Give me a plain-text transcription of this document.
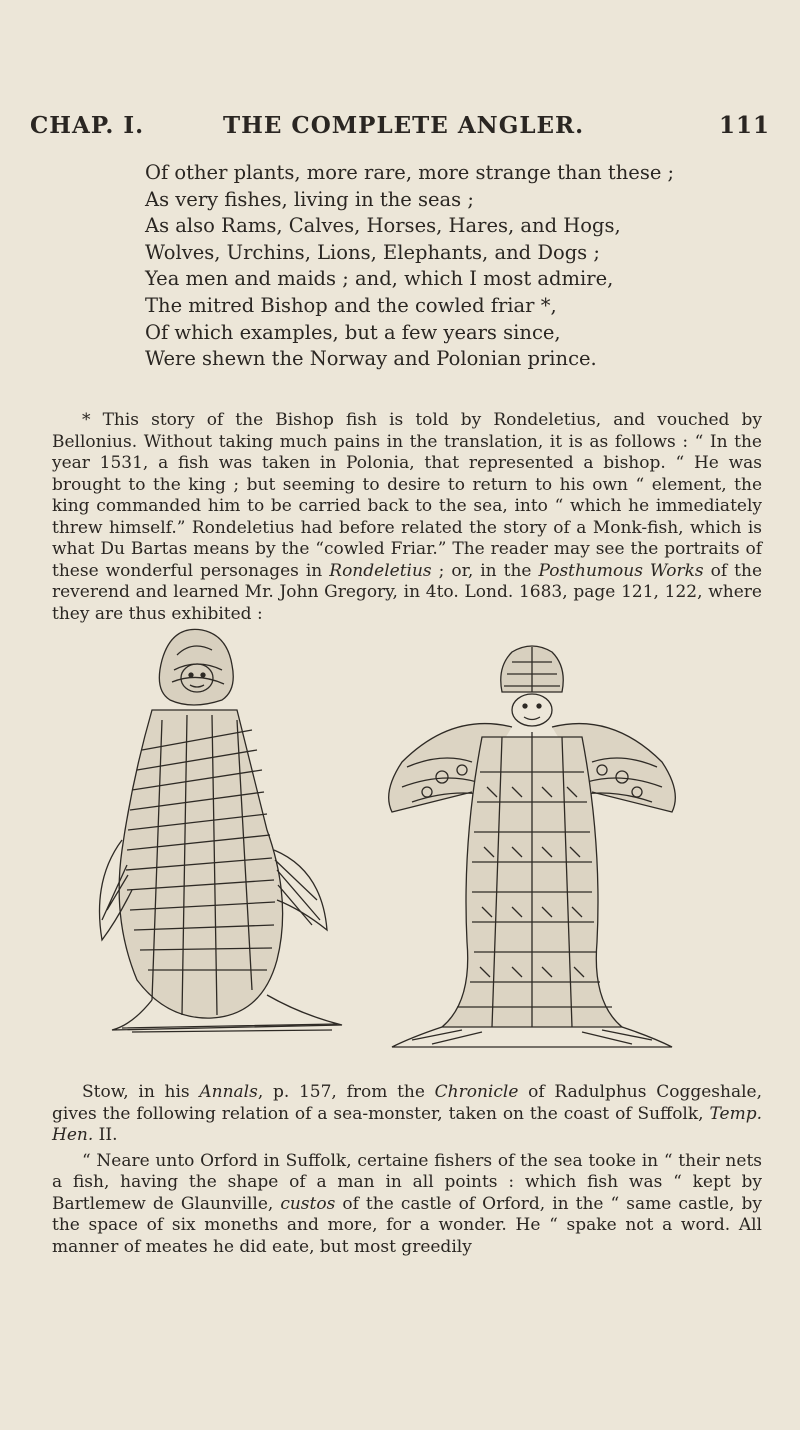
CHAP. I.	THE COMPLETE ANGLER.	111
Of other plants, more rare, more strange than these ;
As very fishes, living in the seas ;
As also Rams, Calves, Horses, Hares, and Hogs,
Wolves, Urchins, Lions, Elephants, and Dogs ;
Yea men and maids ; and, which I most admire,
The mitred Bishop and the cowled friar *,
Of which examples, but a few years since,
Were shewn the Norway and Polonian prince.

* This story of the Bishop fish is told by Rondeletius, and vouched by Bellonius. Without taking much pains in the translation, it is as follows : “ In the year 1531, a fish was taken in Polonia, that represented a bishop. “ He was brought to the king ; but seeming to desire to return to his own “ element, the king commanded him to be carried back to the sea, into “ which he immediately threw himself.” Rondeletius had before related the story of a Monk-fish, which is what Du Bartas means by the “cowled Friar.” The reader may see the portraits of these wonderful personages in Rondeletius ; or, in the Posthumous Works of the reverend and learned Mr. John Gregory, in 4to. Lond. 1683, page 121, 122, where they are thus exhibited :

Stow, in his Annals, p. 157, from the Chronicle of Radulphus Coggeshale, gives the following relation of a sea-monster, taken on the coast of Suffolk, Temp. Hen. II.

“ Neare unto Orford in Suffolk, certaine fishers of the sea tooke in “ their nets a fish, having the shape of a man in all points : which fish was “ kept by Bartlemew de Glaunville, custos of the castle of Orford, in the “ same castle, by the space of six moneths and more, for a wonder. He “ spake not a word. All manner of meates he did eate, but most greedily
